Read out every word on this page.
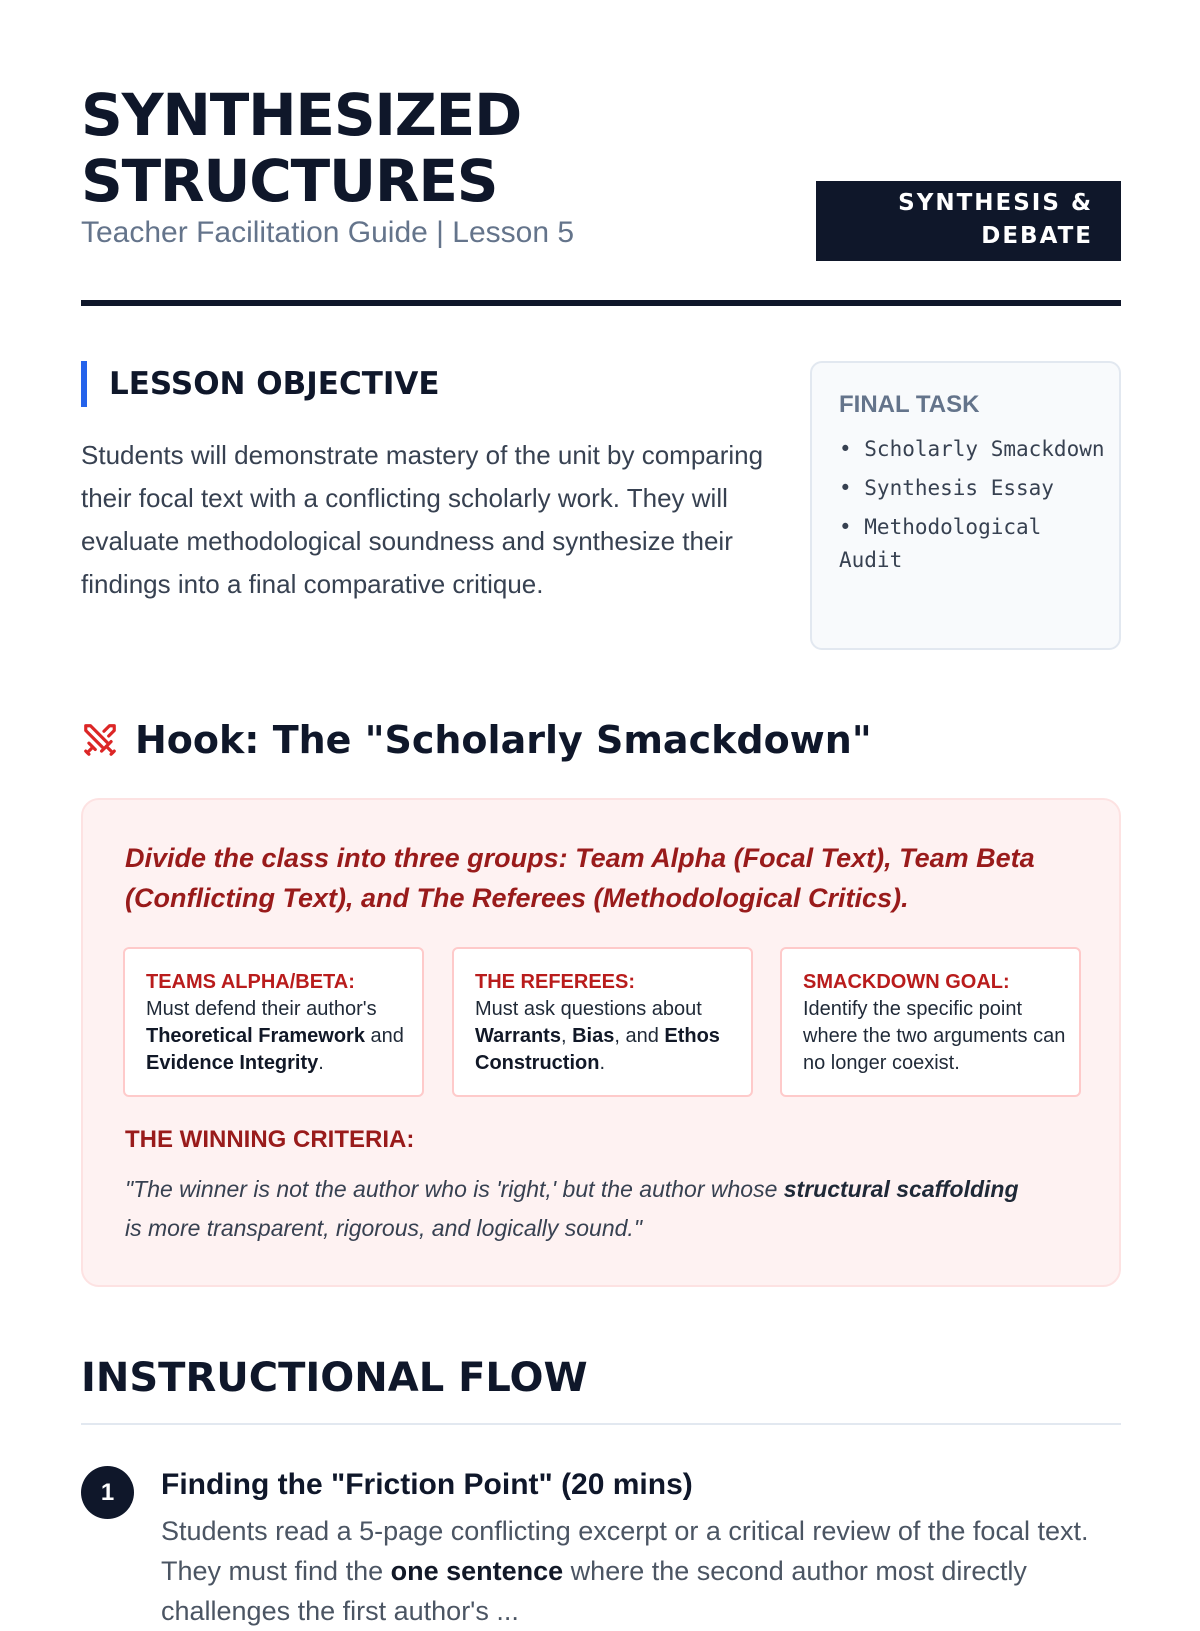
SYNTHESIZED
STRUCTURES
Teacher Facilitation Guide | Lesson 5
SYNTHESIS & DEBATE
LESSON OBJECTIVE

Students will demonstrate mastery of the unit by comparing their focal text with a conflicting scholarly work. They will evaluate methodological soundness and synthesize their findings into a final comparative critique.

FINAL TASK
• Scholarly Smackdown
• Synthesis Essay
• Methodological Audit
Hook: The "Scholarly Smackdown"

Divide the class into three groups: Team Alpha (Focal Text), Team Beta (Conflicting Text), and The Referees (Methodological Critics).

TEAMS ALPHA/BETA:
Must defend their author's Theoretical Framework and Evidence Integrity.
THE REFEREES:
Must ask questions about Warrants, Bias, and Ethos Construction.
SMACKDOWN GOAL:
Identify the specific point where the two arguments can no longer coexist.
THE WINNING CRITERIA:

"The winner is not the author who is 'right,' but the author whose structural scaffolding is more transparent, rigorous, and logically sound."

INSTRUCTIONAL FLOW
1	Finding the "Friction Point" (20 mins)

Students read a 5-page conflicting excerpt or a critical review of the focal text. They must find the one sentence where the second author most directly challenges the first author's ...
